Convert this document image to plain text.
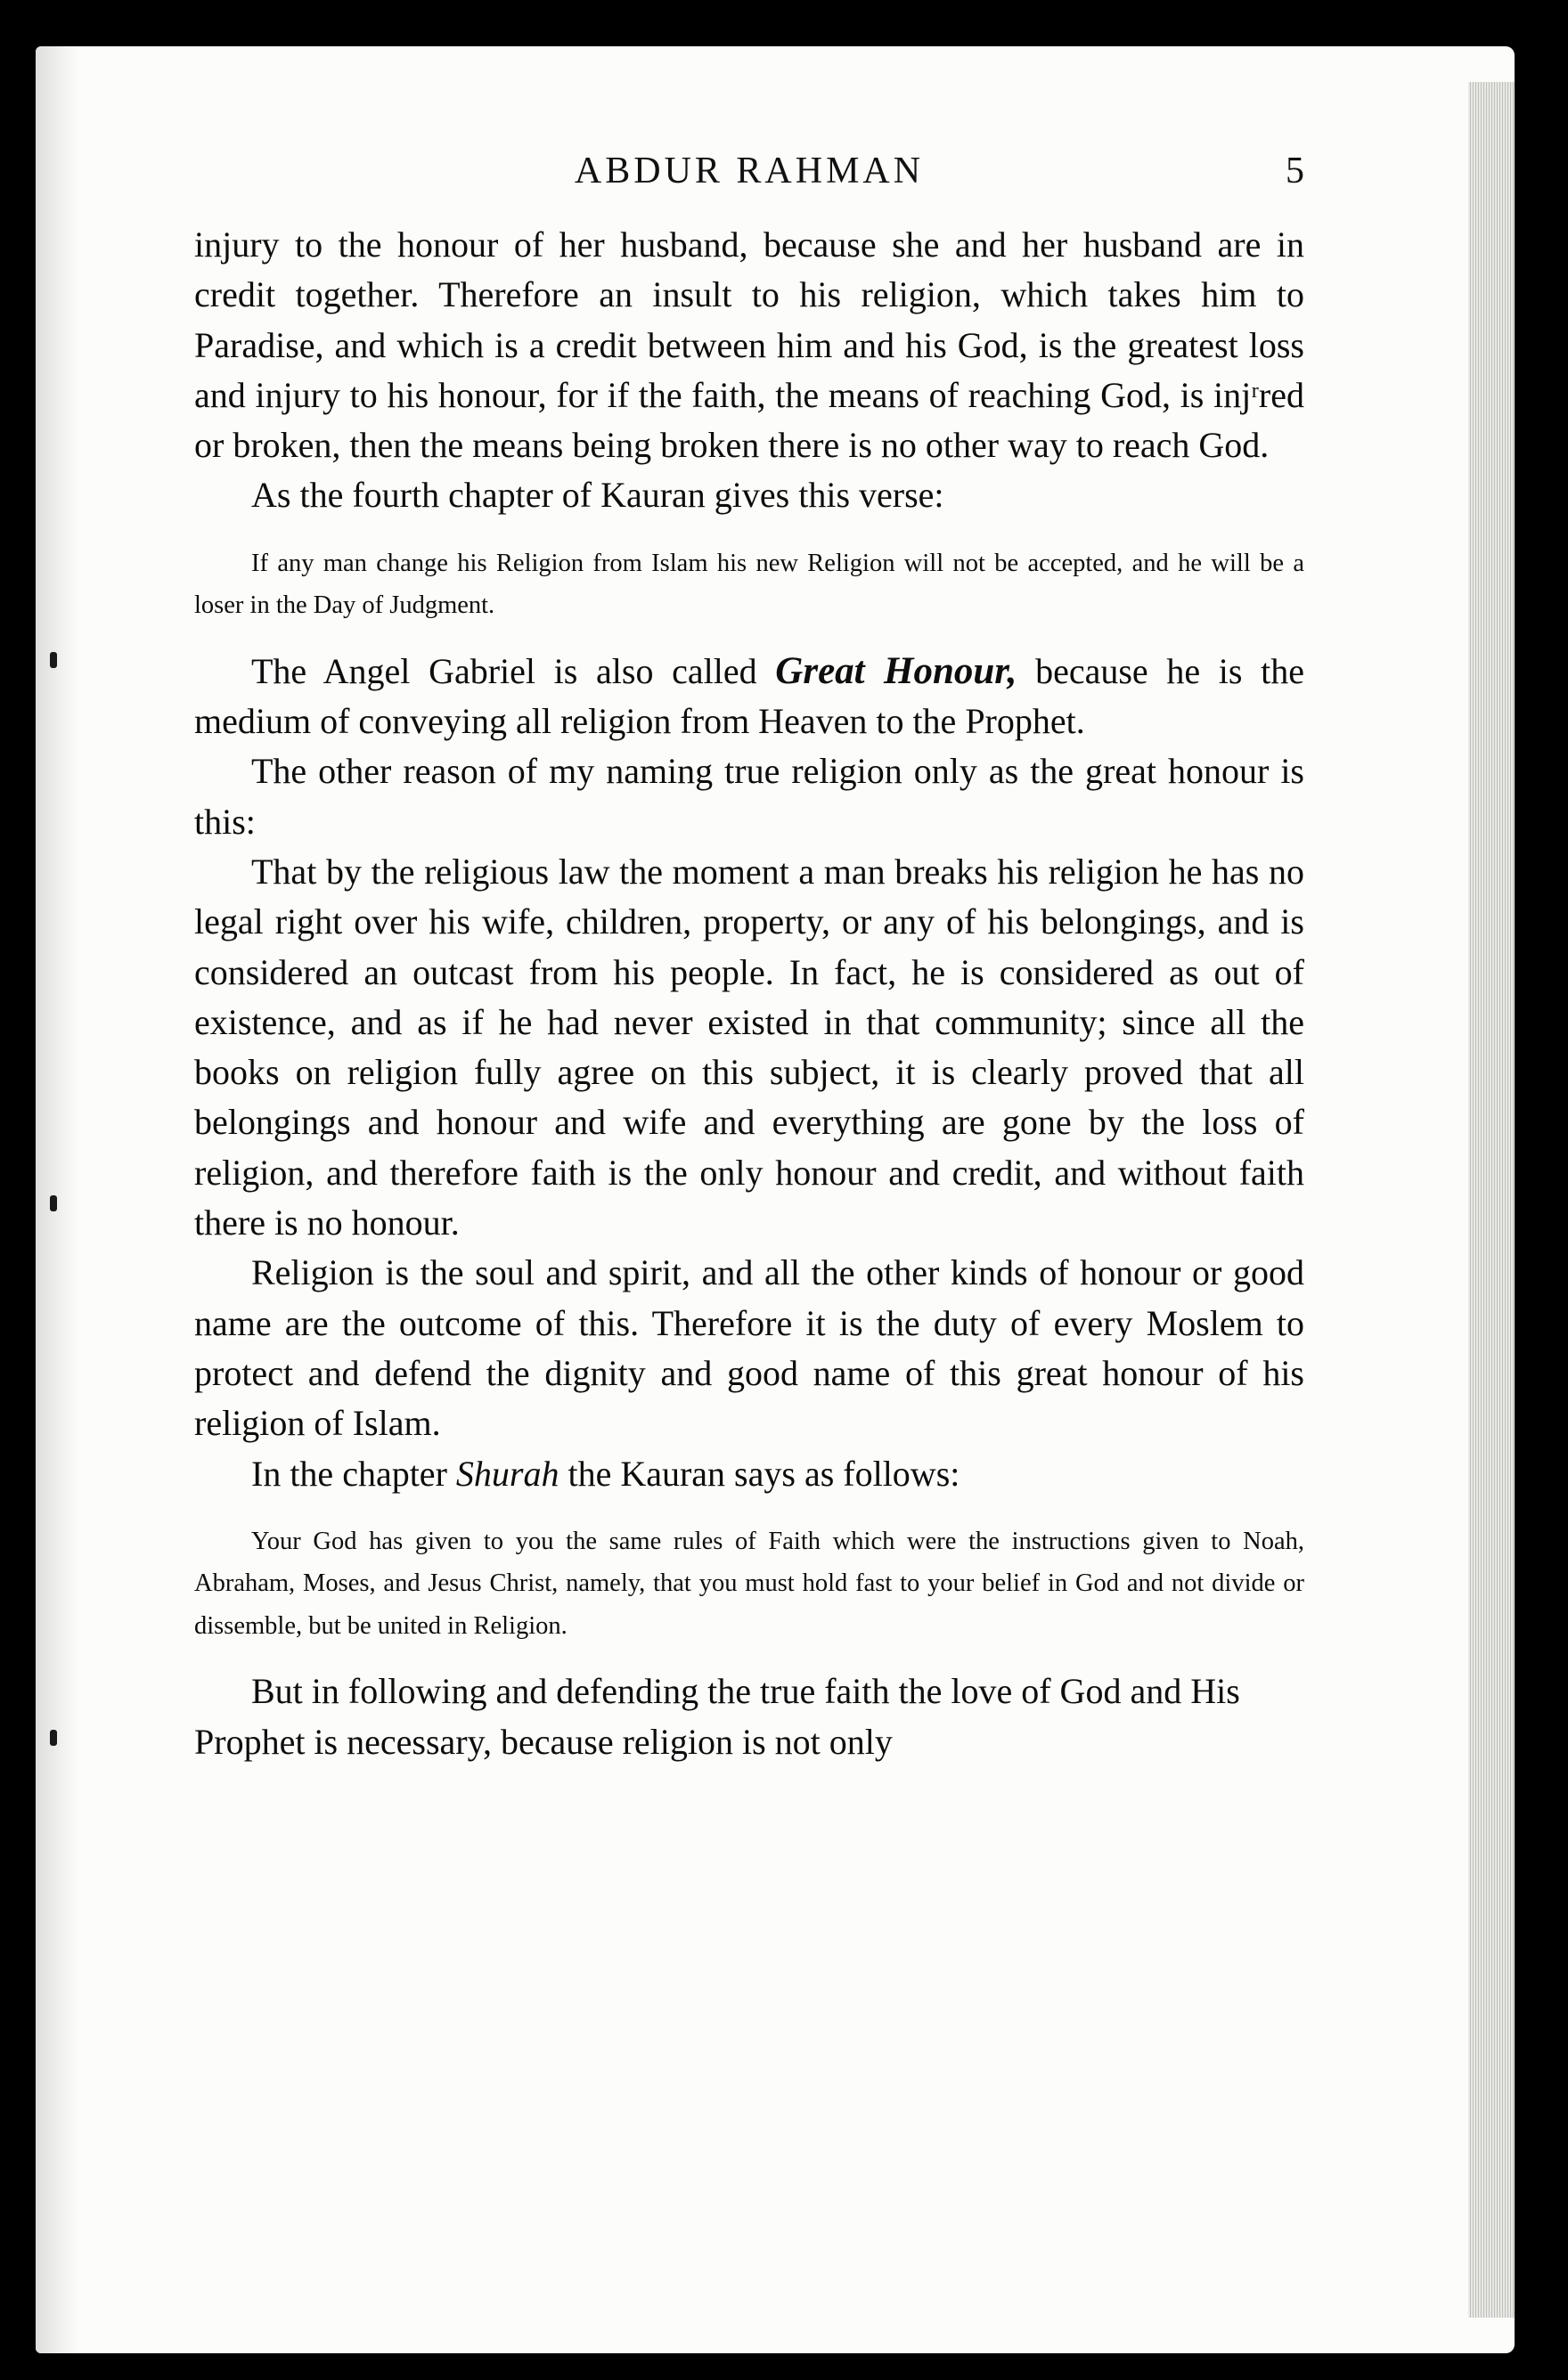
ABDUR RAHMAN	5

injury to the honour of her husband, because she and her husband are in credit together. Therefore an insult to his religion, which takes him to Paradise, and which is a credit between him and his God, is the greatest loss and injury to his honour, for if the faith, the means of reaching God, is injʳred or broken, then the means being broken there is no other way to reach God.

As the fourth chapter of Kauran gives this verse:

If any man change his Religion from Islam his new Religion will not be accepted, and he will be a loser in the Day of Judgment.

The Angel Gabriel is also called Great Honour, because he is the medium of conveying all religion from Heaven to the Prophet.

The other reason of my naming true religion only as the great honour is this:

That by the religious law the moment a man breaks his religion he has no legal right over his wife, children, property, or any of his belongings, and is considered an outcast from his people. In fact, he is considered as out of existence, and as if he had never existed in that community; since all the books on religion fully agree on this subject, it is clearly proved that all belongings and honour and wife and everything are gone by the loss of religion, and therefore faith is the only honour and credit, and without faith there is no honour.

Religion is the soul and spirit, and all the other kinds of honour or good name are the outcome of this. Therefore it is the duty of every Moslem to protect and defend the dignity and good name of this great honour of his religion of Islam.

In the chapter Shurah the Kauran says as follows:

Your God has given to you the same rules of Faith which were the instructions given to Noah, Abraham, Moses, and Jesus Christ, namely, that you must hold fast to your belief in God and not divide or dissemble, but be united in Religion.

But in following and defending the true faith the love of God and His Prophet is necessary, because religion is not only
